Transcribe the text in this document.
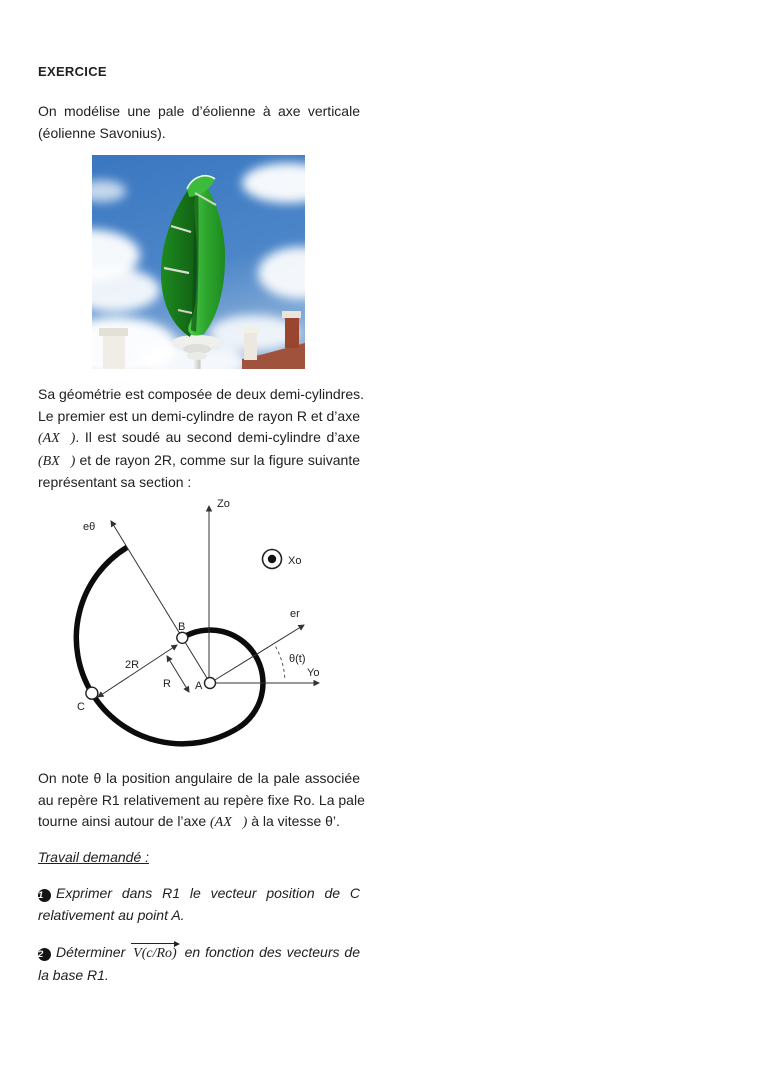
EXERCICE
On modélise une pale d’éolienne à axe verticale
(éolienne Savonius).
Sa géométrie est composée de deux demi-cylindres.
Le premier est un demi-cylindre de rayon R et d’axe
(AX⃗). Il est soudé au second demi-cylindre d’axe
(BX⃗) et de rayon 2R, comme sur la figure suivante
représentant sa section :
Zo
eθ
Xo
er
θ(t)
Yo
B
A
C
2R
R
On note θ la position angulaire de la pale associée
au repère R1 relativement au repère fixe Ro. La pale
tourne ainsi autour de l’axe (AX⃗) à la vitesse θ’.
Travail demandé :
1 Exprimer dans R1 le vecteur position de C
relativement au point A.
2 Déterminer V(c/Ro) en fonction des vecteurs de
la base R1.
